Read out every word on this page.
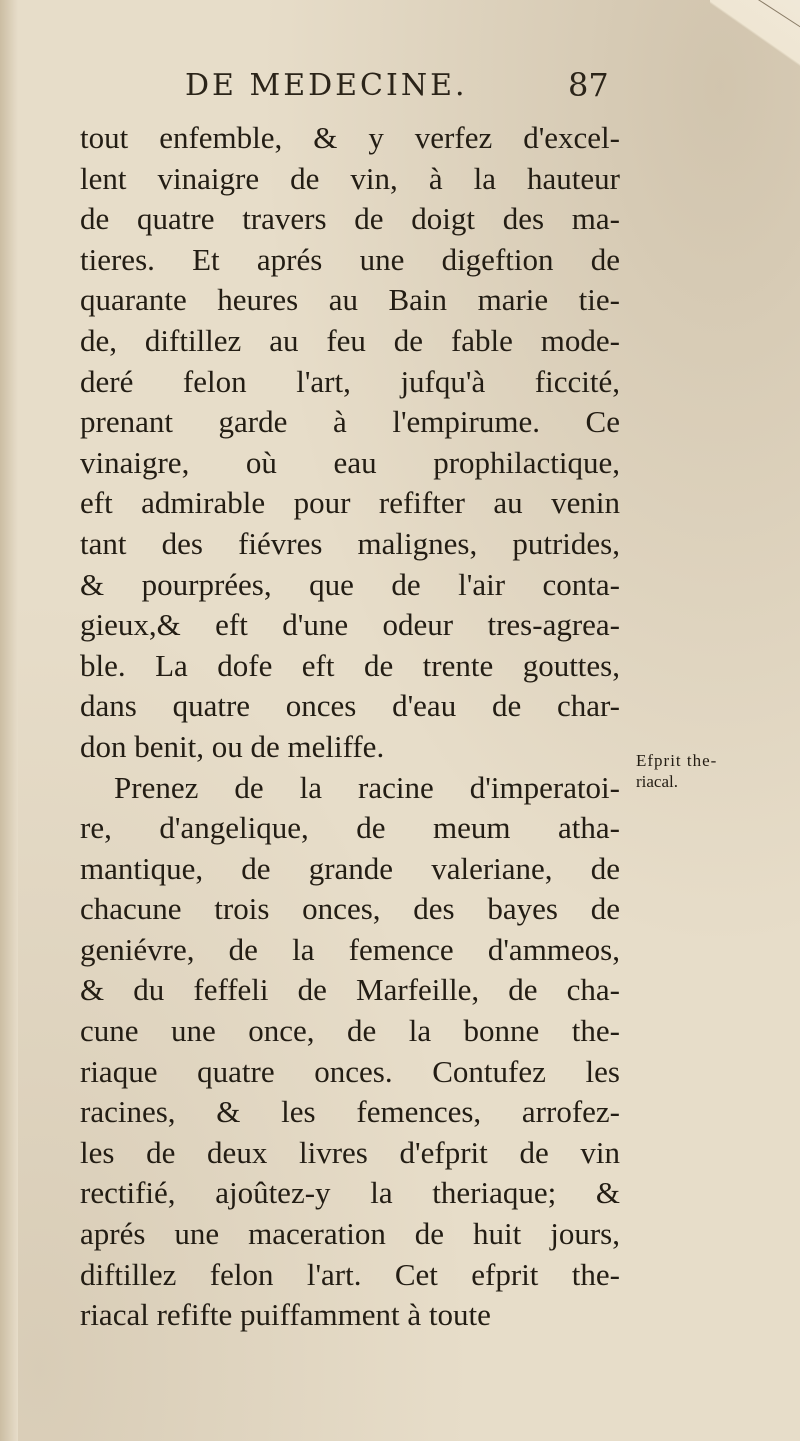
DE MEDECINE.	87
tout enfemble, & y verfez d'excel-
lent vinaigre de vin, à la hauteur
de quatre travers de doigt des ma-
tieres. Et aprés une digeftion de
quarante heures au Bain marie tie-
de, diftillez au feu de fable mode-
deré felon l'art, jufqu'à ficcité,
prenant garde à l'empirume. Ce
vinaigre, où eau prophilactique,
eft admirable pour refifter au venin
tant des fiévres malignes, putrides,
& pourprées, que de l'air conta-
gieux,& eft d'une odeur tres-agrea-
ble. La dofe eft de trente gouttes,
dans quatre onces d'eau de char-
don benit, ou de meliffe.
Prenez de la racine d'imperatoi-
re, d'angelique, de meum atha-
mantique, de grande valeriane, de
chacune trois onces, des bayes de
geniévre, de la femence d'ammeos,
& du feffeli de Marfeille, de cha-
cune une once, de la bonne the-
riaque quatre onces. Contufez les
racines, & les femences, arrofez-
les de deux livres d'efprit de vin
rectifié, ajoûtez-y la theriaque; &
aprés une maceration de huit jours,
diftillez felon l'art. Cet efprit the-
riacal refifte puiffamment à toute
Efprit the-
riacal.
